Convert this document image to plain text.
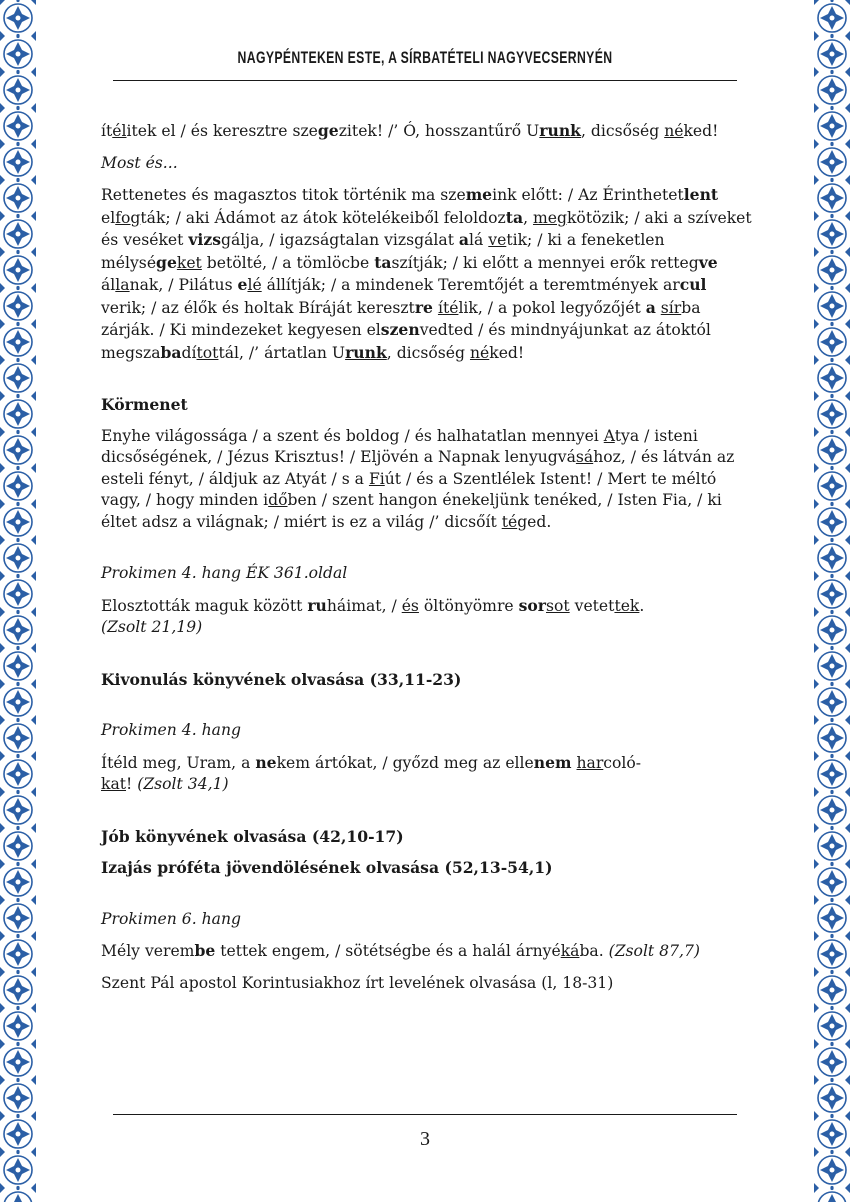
NAGYPÉNTEKEN ESTE, A SÍRBATÉTELI NAGYVECSERNYÉN

ítélitek el / és keresztre szegezitek! /’ Ó, hosszantűrő Urunk, dicsőség néked!

Most és...

Rettenetes és magasztos titok történik ma szemeink előtt: / Az Érinthetetlent elfogták; / aki Ádámot az átok kötelékeiből feloldozta, megkötözik; / aki a szíveket és veséket vizsgálja, / igazságtalan vizsgálat alá vetik; / ki a feneketlen mélységeket betölté, / a tömlöcbe taszítják; / ki előtt a mennyei erők rettegve állanak, / Pilátus elé állítják; / a mindenek Teremtőjét a teremtmények arcul verik; / az élők és holtak Bíráját keresztre ítélik, / a pokol legyőzőjét a sírba zárják. / Ki mindezeket kegyesen elszenvedted / és mindnyájunkat az átoktól megszabadítottál, /’ ártatlan Urunk, dicsőség néked!

Körmenet

Enyhe világossága / a szent és boldog / és halhatatlan mennyei Atya / isteni dicsőségének, / Jézus Krisztus! / Eljövén a Napnak lenyugvásához, / és látván az esteli fényt, / áldjuk az Atyát / s a Fiút / és a Szentlélek Istent! / Mert te méltó vagy, / hogy minden időben / szent hangon énekeljünk tenéked, / Isten Fia, / ki éltet adsz a világnak; / miért is ez a világ /’ dicsőít téged.

Prokimen 4. hang ÉK 361.oldal

Elosztották maguk között ruháimat, / és öltönyömre sorsot vetettek. (Zsolt 21,19)

Kivonulás könyvének olvasása (33,11-23)

Prokimen 4. hang

Ítéld meg, Uram, a nekem ártókat, / győzd meg az ellenem harcolókat! (Zsolt 34,1)

Jób könyvének olvasása (42,10-17)

Izajás próféta jövendölésének olvasása (52,13-54,1)

Prokimen 6. hang

Mély verembe tettek engem, / sötétségbe és a halál árnyékába. (Zsolt 87,7)

Szent Pál apostol Korintusiakhoz írt levelének olvasása (l, 18-31)

3
